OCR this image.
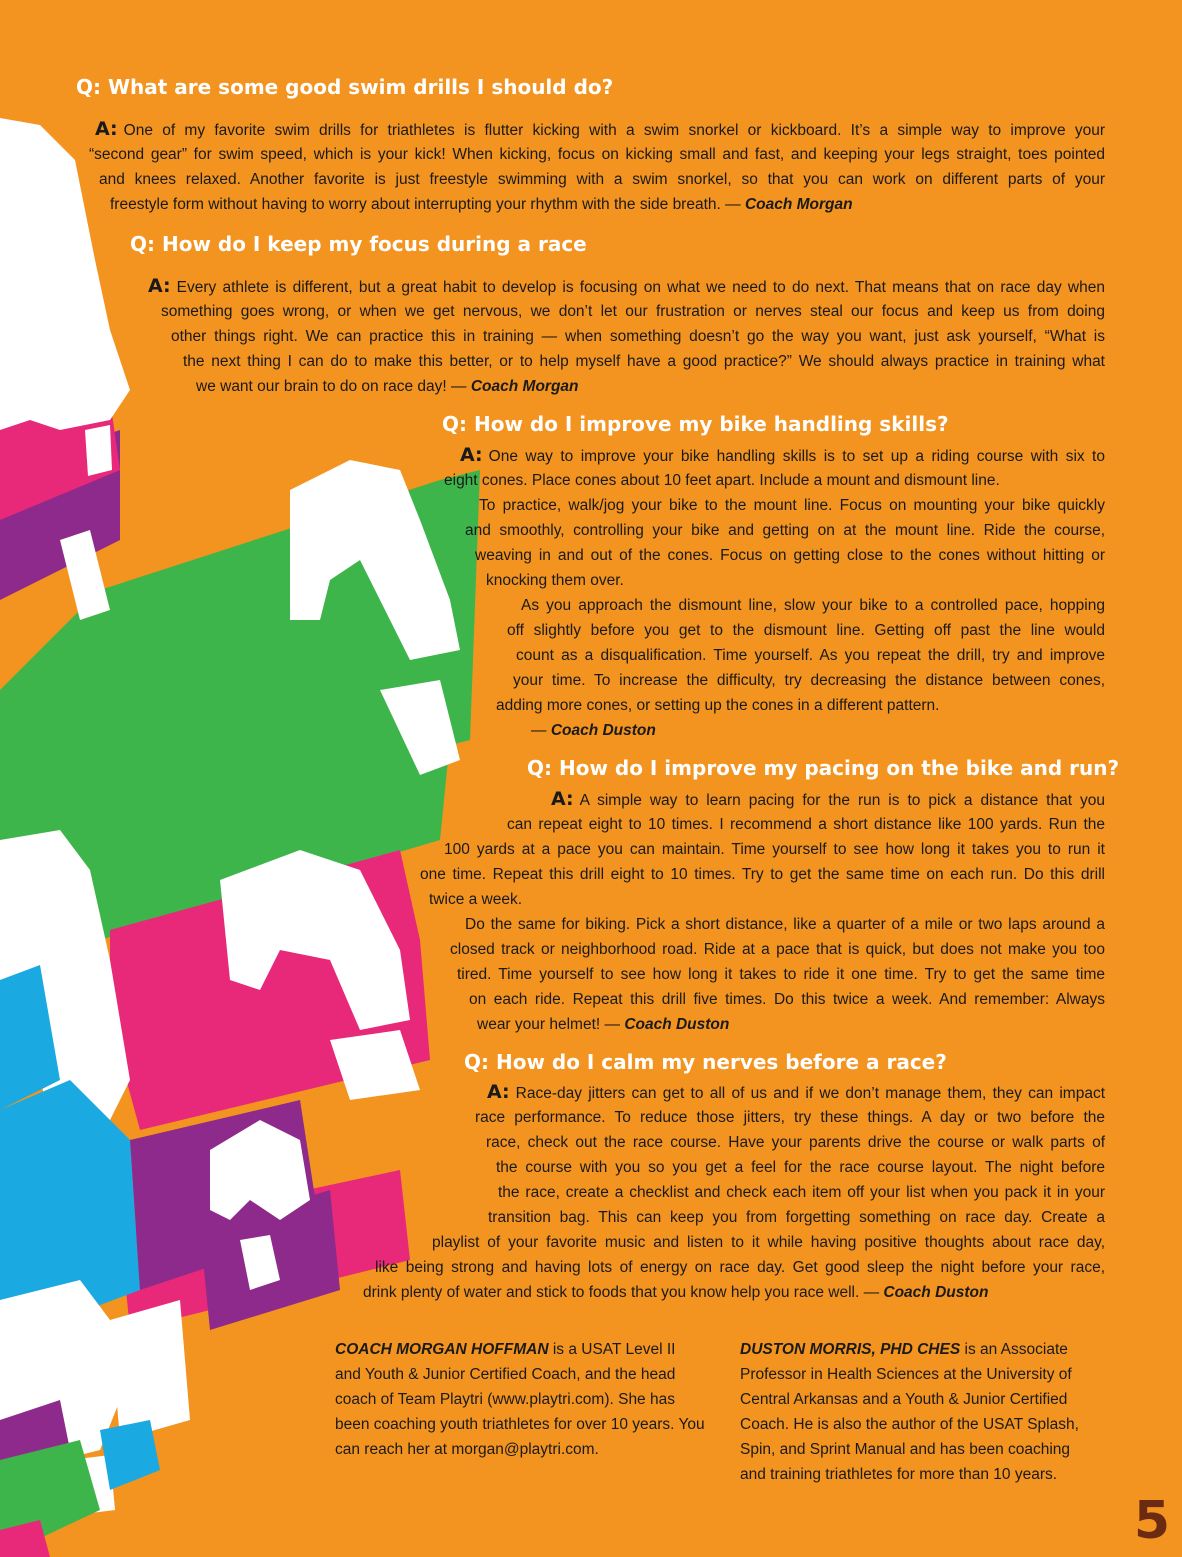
Q: What are some good swim drills I should do?

A: One of my favorite swim drills for triathletes is flutter kicking with a swim snorkel or kickboard. It’s a simple way to improve your

“second gear” for swim speed, which is your kick! When kicking, focus on kicking small and fast, and keeping your legs straight, toes pointed

and knees relaxed. Another favorite is just freestyle swimming with a swim snorkel, so that you can work on different parts of your

freestyle form without having to worry about interrupting your rhythm with the side breath. — Coach Morgan

Q: How do I keep my focus during a race

A: Every athlete is different, but a great habit to develop is focusing on what we need to do next. That means that on race day when

something goes wrong, or when we get nervous, we don’t let our frustration or nerves steal our focus and keep us from doing

other things right. We can practice this in training — when something doesn’t go the way you want, just ask yourself, “What is

the next thing I can do to make this better, or to help myself have a good practice?” We should always practice in training what

we want our brain to do on race day! — Coach Morgan

Q: How do I improve my bike handling skills?

A: One way to improve your bike handling skills is to set up a riding course with six to

eight cones. Place cones about 10 feet apart. Include a mount and dismount line.

To practice, walk/jog your bike to the mount line. Focus on mounting your bike quickly

and smoothly, controlling your bike and getting on at the mount line. Ride the course,

weaving in and out of the cones. Focus on getting close to the cones without hitting or

knocking them over.

As you approach the dismount line, slow your bike to a controlled pace, hopping

off slightly before you get to the dismount line. Getting off past the line would

count as a disqualification. Time yourself. As you repeat the drill, try and improve

your time. To increase the difficulty, try decreasing the distance between cones,

adding more cones, or setting up the cones in a different pattern.

— Coach Duston

Q: How do I improve my pacing on the bike and run?

A: A simple way to learn pacing for the run is to pick a distance that you

can repeat eight to 10 times. I recommend a short distance like 100 yards. Run the

100 yards at a pace you can maintain. Time yourself to see how long it takes you to run it

one time. Repeat this drill eight to 10 times. Try to get the same time on each run. Do this drill

twice a week.

Do the same for biking. Pick a short distance, like a quarter of a mile or two laps around a

closed track or neighborhood road. Ride at a pace that is quick, but does not make you too

tired. Time yourself to see how long it takes to ride it one time. Try to get the same time

on each ride. Repeat this drill five times. Do this twice a week. And remember: Always

wear your helmet! — Coach Duston

Q: How do I calm my nerves before a race?

A: Race-day jitters can get to all of us and if we don’t manage them, they can impact

race performance. To reduce those jitters, try these things. A day or two before the

race, check out the race course. Have your parents drive the course or walk parts of

the course with you so you get a feel for the race course layout. The night before

the race, create a checklist and check each item off your list when you pack it in your

transition bag. This can keep you from forgetting something on race day. Create a

playlist of your favorite music and listen to it while having positive thoughts about race day,

like being strong and having lots of energy on race day. Get good sleep the night before your race,

drink plenty of water and stick to foods that you know help you race well. — Coach Duston

COACH MORGAN HOFFMAN is a USAT Level II and Youth & Junior Certified Coach, and the head coach of Team Playtri (www.playtri.com). She has been coaching youth triathletes for over 10 years. You can reach her at morgan@playtri.com.

DUSTON MORRIS, PHD CHES is an Associate Professor in Health Sciences at the University of Central Arkansas and a Youth & Junior Certified Coach. He is also the author of the USAT Splash, Spin, and Sprint Manual and has been coaching and training triathletes for more than 10 years.

5
